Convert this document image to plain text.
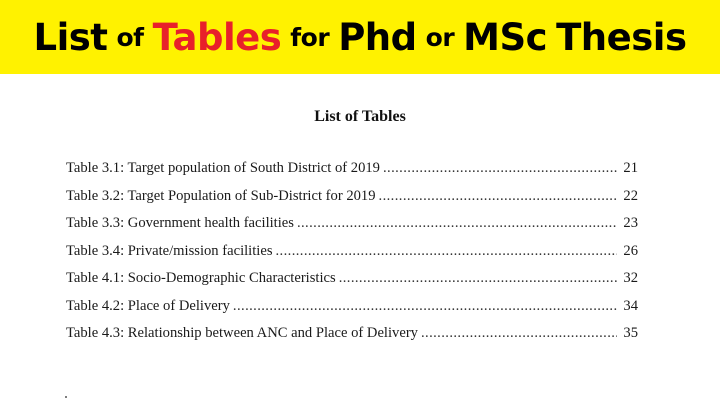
List of Tables for Phd or MSc Thesis
List of Tables
Table 3.1: Target population of South District of 2019 .....	21
Table 3.2: Target Population of Sub-District for 2019 .....	22
Table 3.3: Government health facilities .....	23
Table 3.4: Private/mission facilities .....	26
Table 4.1: Socio-Demographic Characteristics .....	32
Table 4.2: Place of Delivery .....	34
Table 4.3: Relationship between ANC and Place of Delivery .....	35
